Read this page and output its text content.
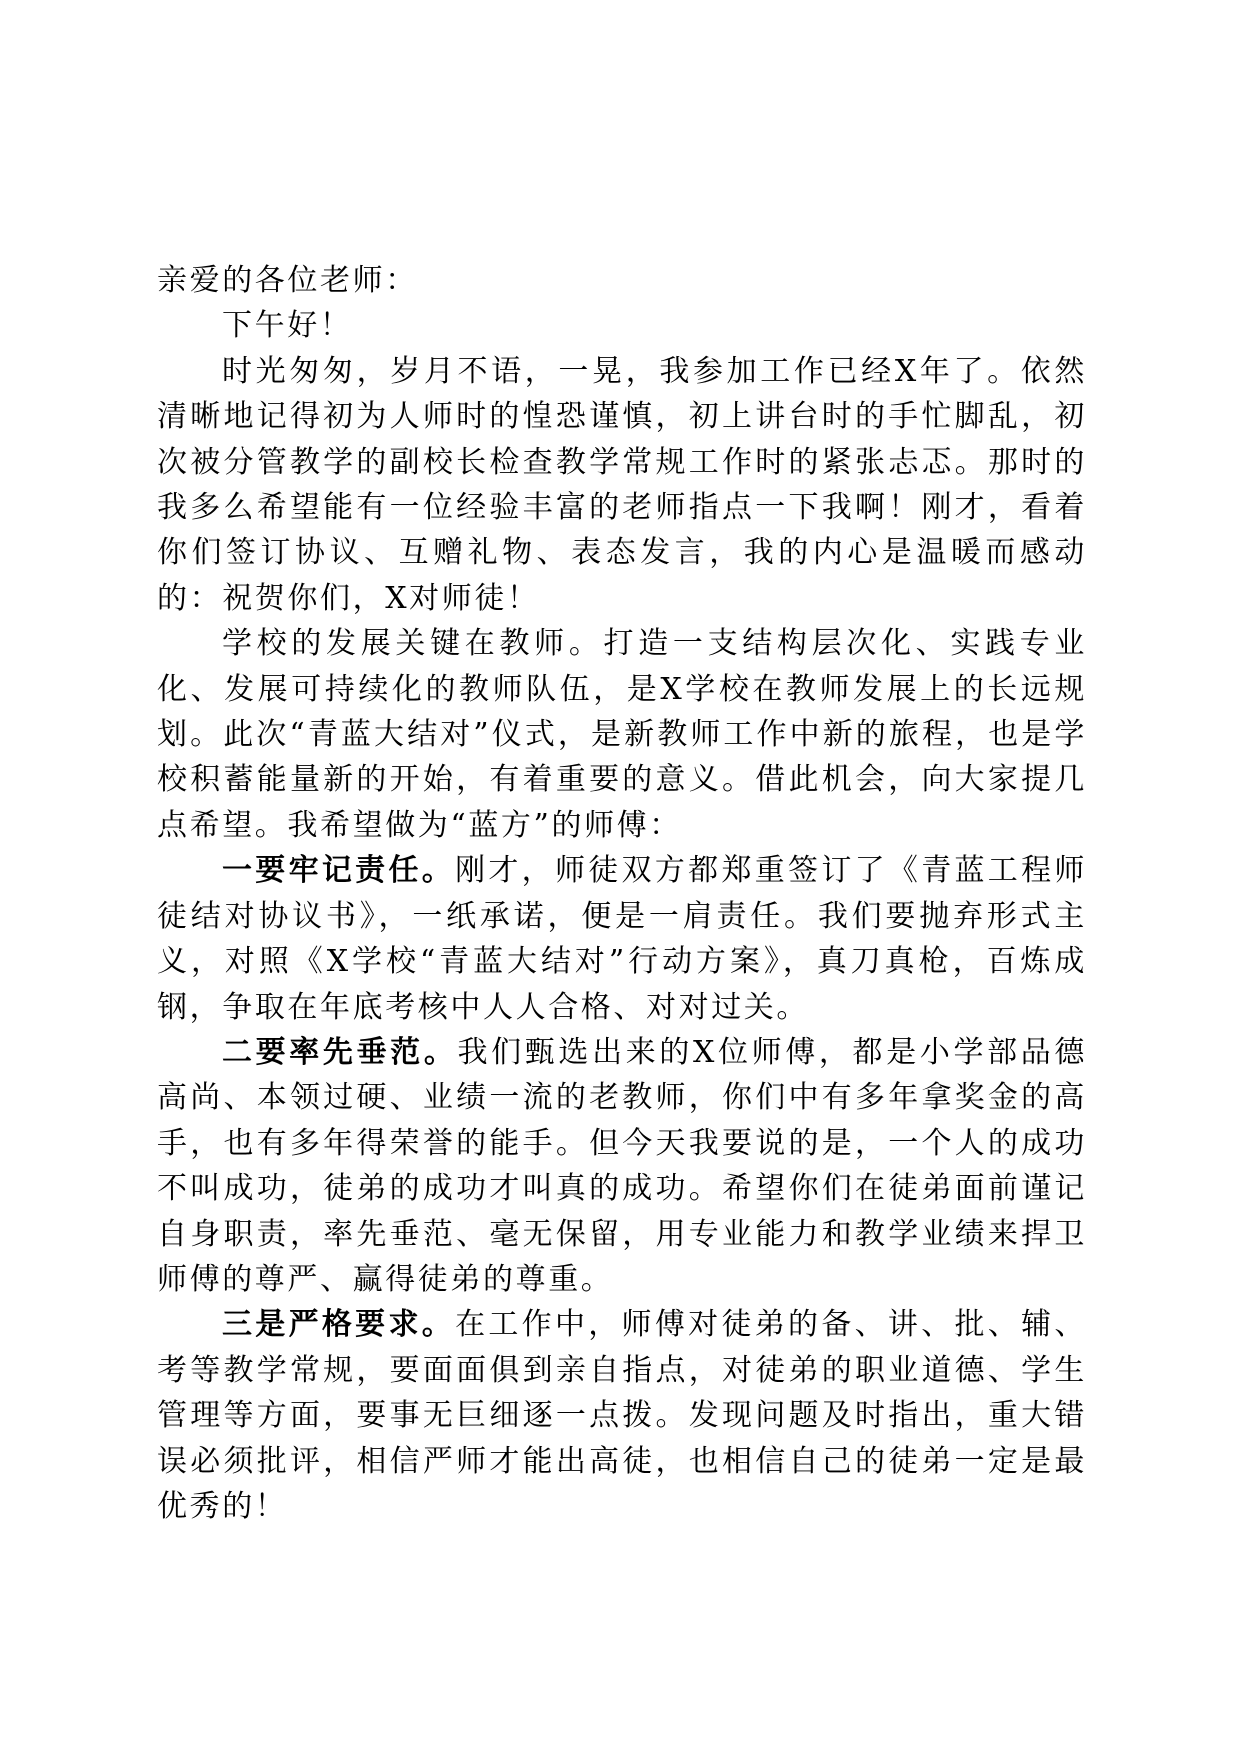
亲爱的各位老师：

下午好！

时光匆匆，岁月不语，一晃，我参加工作已经X年了。依然清晰地记得初为人师时的惶恐谨慎，初上讲台时的手忙脚乱，初次被分管教学的副校长检查教学常规工作时的紧张忐忑。那时的我多么希望能有一位经验丰富的老师指点一下我啊！刚才，看着你们签订协议、互赠礼物、表态发言，我的内心是温暖而感动的：祝贺你们，X对师徒！

学校的发展关键在教师。打造一支结构层次化、实践专业化、发展可持续化的教师队伍，是X学校在教师发展上的长远规划。此次“青蓝大结对”仪式，是新教师工作中新的旅程，也是学校积蓄能量新的开始，有着重要的意义。借此机会，向大家提几点希望。我希望做为“蓝方”的师傅：

一要牢记责任。刚才，师徒双方都郑重签订了《青蓝工程师徒结对协议书》，一纸承诺，便是一肩责任。我们要抛弃形式主义，对照《X学校“青蓝大结对”行动方案》，真刀真枪，百炼成钢，争取在年底考核中人人合格、对对过关。

二要率先垂范。我们甄选出来的X位师傅，都是小学部品德高尚、本领过硬、业绩一流的老教师，你们中有多年拿奖金的高手，也有多年得荣誉的能手。但今天我要说的是，一个人的成功不叫成功，徒弟的成功才叫真的成功。希望你们在徒弟面前谨记自身职责，率先垂范、毫无保留，用专业能力和教学业绩来捍卫师傅的尊严、赢得徒弟的尊重。

三是严格要求。在工作中，师傅对徒弟的备、讲、批、辅、考等教学常规，要面面俱到亲自指点，对徒弟的职业道德、学生管理等方面，要事无巨细逐一点拨。发现问题及时指出，重大错误必须批评，相信严师才能出高徒，也相信自己的徒弟一定是最优秀的！
